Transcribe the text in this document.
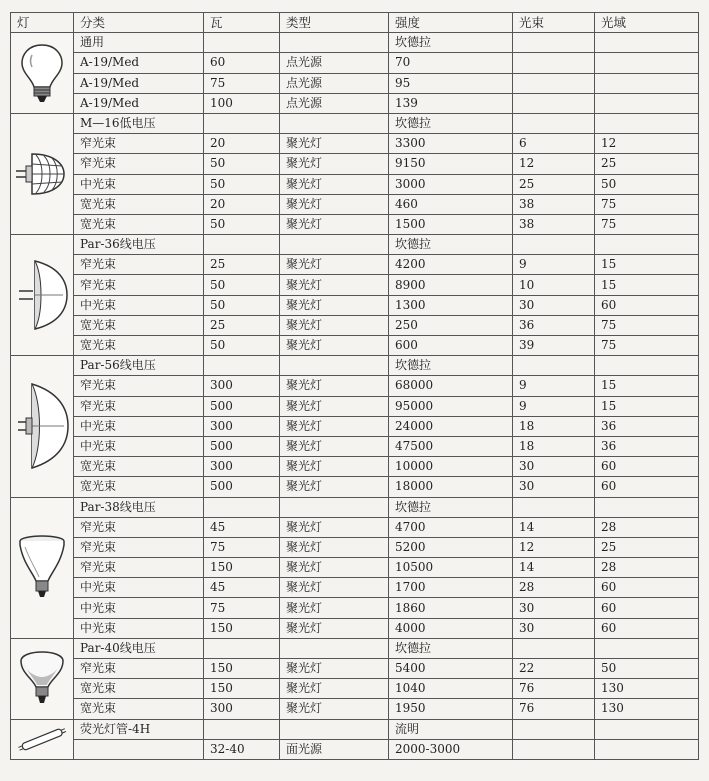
灯	分类	瓦	类型	强度	光束	光域

	通用			坎德拉		
	A-19/Med	60	点光源	70		
	A-19/Med	75	点光源	95		
	A-19/Med	100	点光源	139		

	M—16低电压			坎德拉		
	窄光束	20	聚光灯	3300	6	12
	窄光束	50	聚光灯	9150	12	25
	中光束	50	聚光灯	3000	25	50
	宽光束	20	聚光灯	460	38	75
	宽光束	50	聚光灯	1500	38	75

	Par-36线电压			坎德拉		
	窄光束	25	聚光灯	4200	9	15
	窄光束	50	聚光灯	8900	10	15
	中光束	50	聚光灯	1300	30	60
	宽光束	25	聚光灯	250	36	75
	宽光束	50	聚光灯	600	39	75

	Par-56线电压			坎德拉		
	窄光束	300	聚光灯	68000	9	15
	窄光束	500	聚光灯	95000	9	15
	中光束	300	聚光灯	24000	18	36
	中光束	500	聚光灯	47500	18	36
	宽光束	300	聚光灯	10000	30	60
	宽光束	500	聚光灯	18000	30	60

	Par-38线电压			坎德拉		
	窄光束	45	聚光灯	4700	14	28
	窄光束	75	聚光灯	5200	12	25
	窄光束	150	聚光灯	10500	14	28
	中光束	45	聚光灯	1700	28	60
	中光束	75	聚光灯	1860	30	60
	中光束	150	聚光灯	4000	30	60

	Par-40线电压			坎德拉		
	窄光束	150	聚光灯	5400	22	50
	宽光束	150	聚光灯	1040	76	130
	宽光束	300	聚光灯	1950	76	130

	荧光灯管-4H			流明		
		32-40	面光源	2000-3000		
